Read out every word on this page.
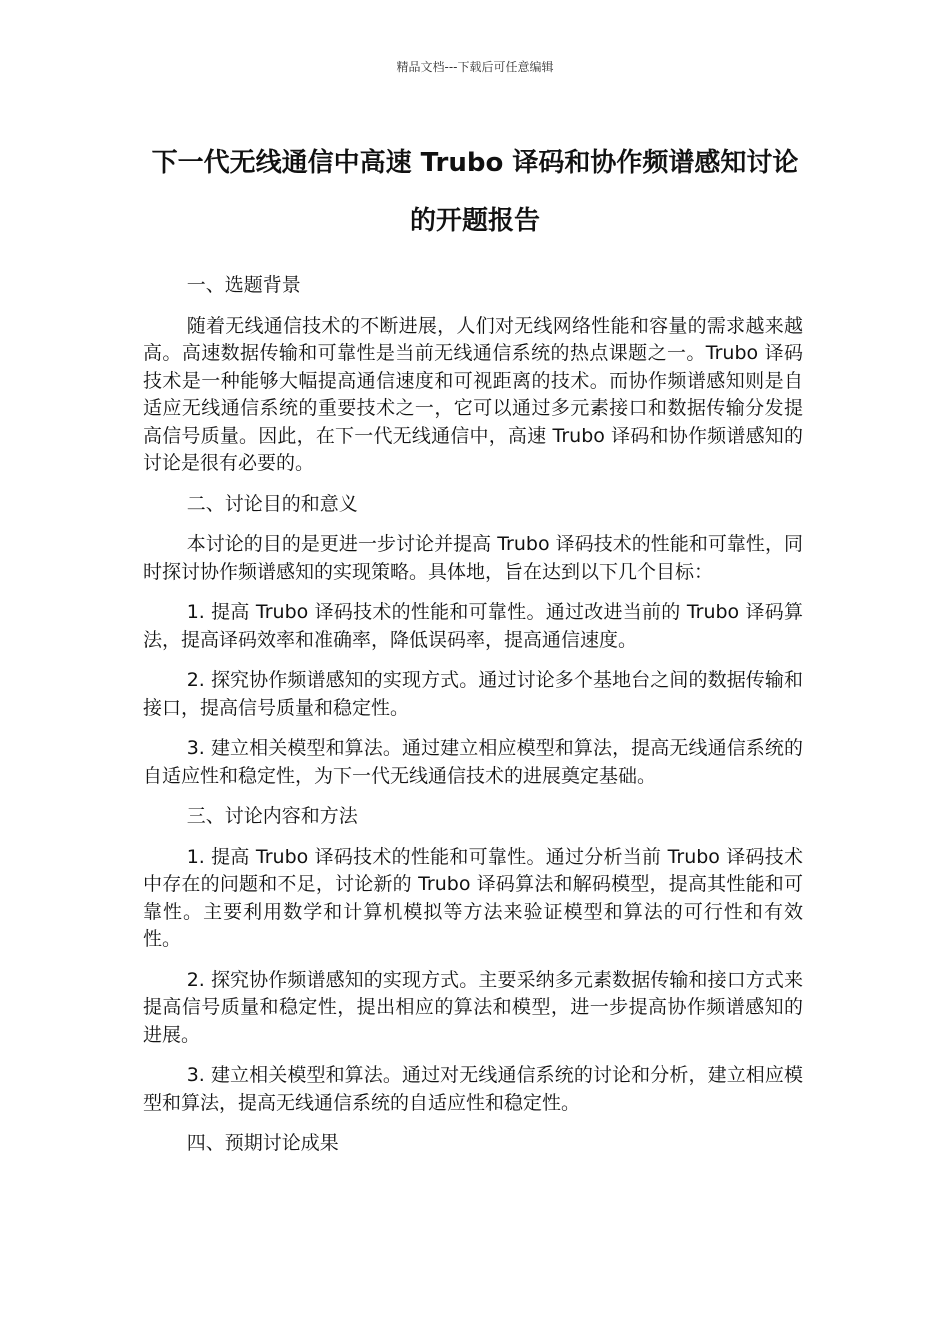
精品文档---下载后可任意编辑
下一代无线通信中高速 Trubo 译码和协作频谱感知讨论的开题报告

一、选题背景

随着无线通信技术的不断进展，人们对无线网络性能和容量的需求越来越高。高速数据传输和可靠性是当前无线通信系统的热点课题之一。Trubo 译码技术是一种能够大幅提高通信速度和可视距离的技术。而协作频谱感知则是自适应无线通信系统的重要技术之一，它可以通过多元素接口和数据传输分发提高信号质量。因此，在下一代无线通信中，高速 Trubo 译码和协作频谱感知的讨论是很有必要的。

二、讨论目的和意义

本讨论的目的是更进一步讨论并提高 Trubo 译码技术的性能和可靠性，同时探讨协作频谱感知的实现策略。具体地，旨在达到以下几个目标：

1. 提高 Trubo 译码技术的性能和可靠性。通过改进当前的 Trubo 译码算法，提高译码效率和准确率，降低误码率，提高通信速度。

2. 探究协作频谱感知的实现方式。通过讨论多个基地台之间的数据传输和接口，提高信号质量和稳定性。

3. 建立相关模型和算法。通过建立相应模型和算法，提高无线通信系统的自适应性和稳定性，为下一代无线通信技术的进展奠定基础。

三、讨论内容和方法

1. 提高 Trubo 译码技术的性能和可靠性。通过分析当前 Trubo 译码技术中存在的问题和不足，讨论新的 Trubo 译码算法和解码模型，提高其性能和可靠性。主要利用数学和计算机模拟等方法来验证模型和算法的可行性和有效性。

2. 探究协作频谱感知的实现方式。主要采纳多元素数据传输和接口方式来提高信号质量和稳定性，提出相应的算法和模型，进一步提高协作频谱感知的进展。

3. 建立相关模型和算法。通过对无线通信系统的讨论和分析，建立相应模型和算法，提高无线通信系统的自适应性和稳定性。

四、预期讨论成果
